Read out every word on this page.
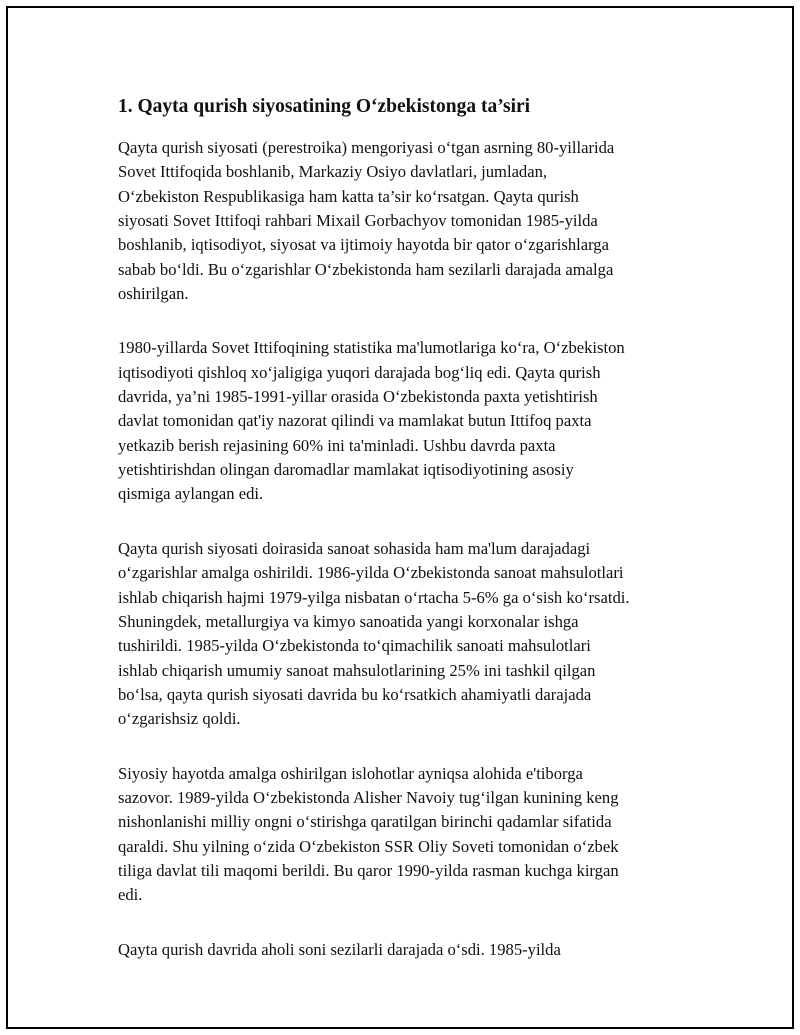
1. Qayta qurish siyosatining O‘zbekistonga ta’siri

Qayta qurish siyosati (perestroika) mengoriyasi o‘tgan asrning 80-yillarida
Sovet Ittifoqida boshlanib, Markaziy Osiyo davlatlari, jumladan,
O‘zbekiston Respublikasiga ham katta ta’sir ko‘rsatgan. Qayta qurish
siyosati Sovet Ittifoqi rahbari Mixail Gorbachyov tomonidan 1985-yilda
boshlanib, iqtisodiyot, siyosat va ijtimoiy hayotda bir qator o‘zgarishlarga
sabab bo‘ldi. Bu o‘zgarishlar O‘zbekistonda ham sezilarli darajada amalga
oshirilgan.

1980-yillarda Sovet Ittifoqining statistika ma'lumotlariga ko‘ra, O‘zbekiston
iqtisodiyoti qishloq xo‘jaligiga yuqori darajada bog‘liq edi. Qayta qurish
davrida, ya’ni 1985-1991-yillar orasida O‘zbekistonda paxta yetishtirish
davlat tomonidan qat'iy nazorat qilindi va mamlakat butun Ittifoq paxta
yetkazib berish rejasining 60% ini ta'minladi. Ushbu davrda paxta
yetishtirishdan olingan daromadlar mamlakat iqtisodiyotining asosiy
qismiga aylangan edi.

Qayta qurish siyosati doirasida sanoat sohasida ham ma'lum darajadagi
o‘zgarishlar amalga oshirildi. 1986-yilda O‘zbekistonda sanoat mahsulotlari
ishlab chiqarish hajmi 1979-yilga nisbatan o‘rtacha 5-6% ga o‘sish ko‘rsatdi.
Shuningdek, metallurgiya va kimyo sanoatida yangi korxonalar ishga
tushirildi. 1985-yilda O‘zbekistonda to‘qimachilik sanoati mahsulotlari
ishlab chiqarish umumiy sanoat mahsulotlarining 25% ini tashkil qilgan
bo‘lsa, qayta qurish siyosati davrida bu ko‘rsatkich ahamiyatli darajada
o‘zgarishsiz qoldi.

Siyosiy hayotda amalga oshirilgan islohotlar ayniqsa alohida e'tiborga
sazovor. 1989-yilda O‘zbekistonda Alisher Navoiy tug‘ilgan kunining keng
nishonlanishi milliy ongni o‘stirishga qaratilgan birinchi qadamlar sifatida
qaraldi. Shu yilning o‘zida O‘zbekiston SSR Oliy Soveti tomonidan o‘zbek
tiliga davlat tili maqomi berildi. Bu qaror 1990-yilda rasman kuchga kirgan
edi.

Qayta qurish davrida aholi soni sezilarli darajada o‘sdi. 1985-yilda
